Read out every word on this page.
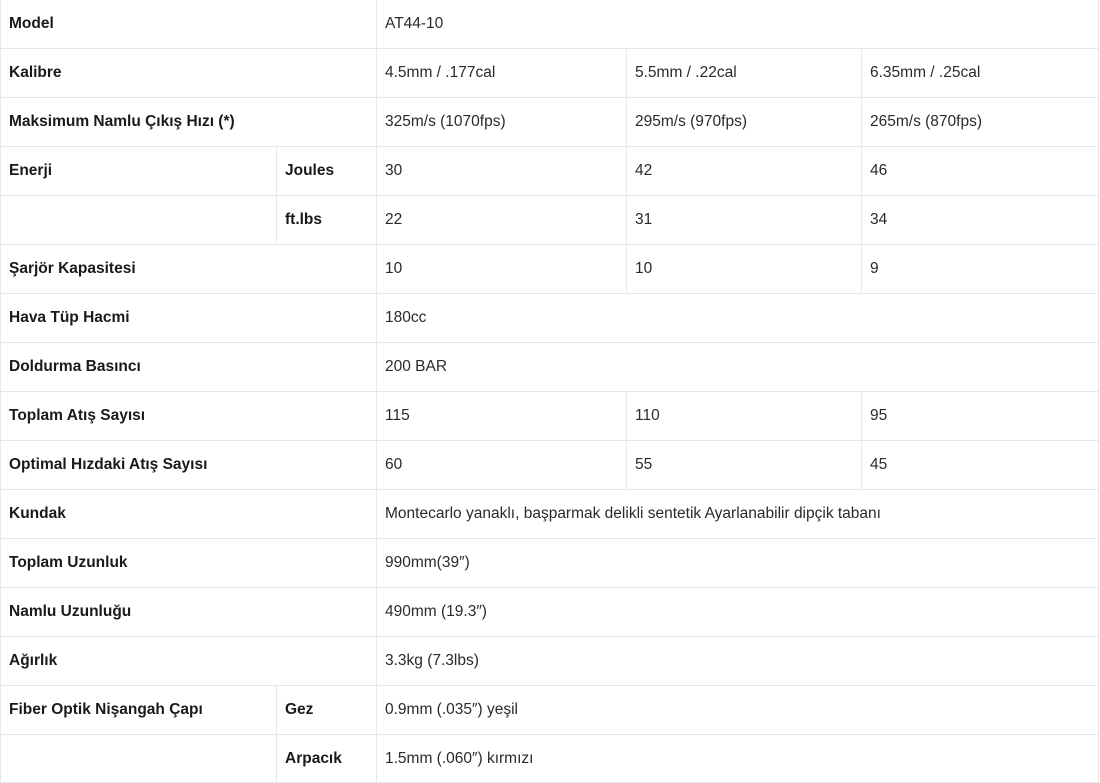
Model		AT44-10		
Kalibre		4.5mm / .177cal	5.5mm / .22cal	6.35mm / .25cal
Maksimum Namlu Çıkış Hızı (*)		325m/s (1070fps)	295m/s (970fps)	265m/s (870fps)
Enerji	Joules	30	42	46
	ft.lbs	22	31	34
Şarjör Kapasitesi		10	10	9
Hava Tüp Hacmi		180cc		
Doldurma Basıncı		200 BAR		
Toplam Atış Sayısı		115	110	95
Optimal Hızdaki Atış Sayısı		60	55	45
Kundak		Montecarlo yanaklı, başparmak delikli sentetik Ayarlanabilir dipçik tabanı		
Toplam Uzunluk		990mm(39″)		
Namlu Uzunluğu		490mm (19.3″)		
Ağırlık		3.3kg (7.3lbs)		
Fiber Optik Nişangah Çapı	Gez	0.9mm (.035″) yeşil		
	Arpacık	1.5mm (.060″) kırmızı		
